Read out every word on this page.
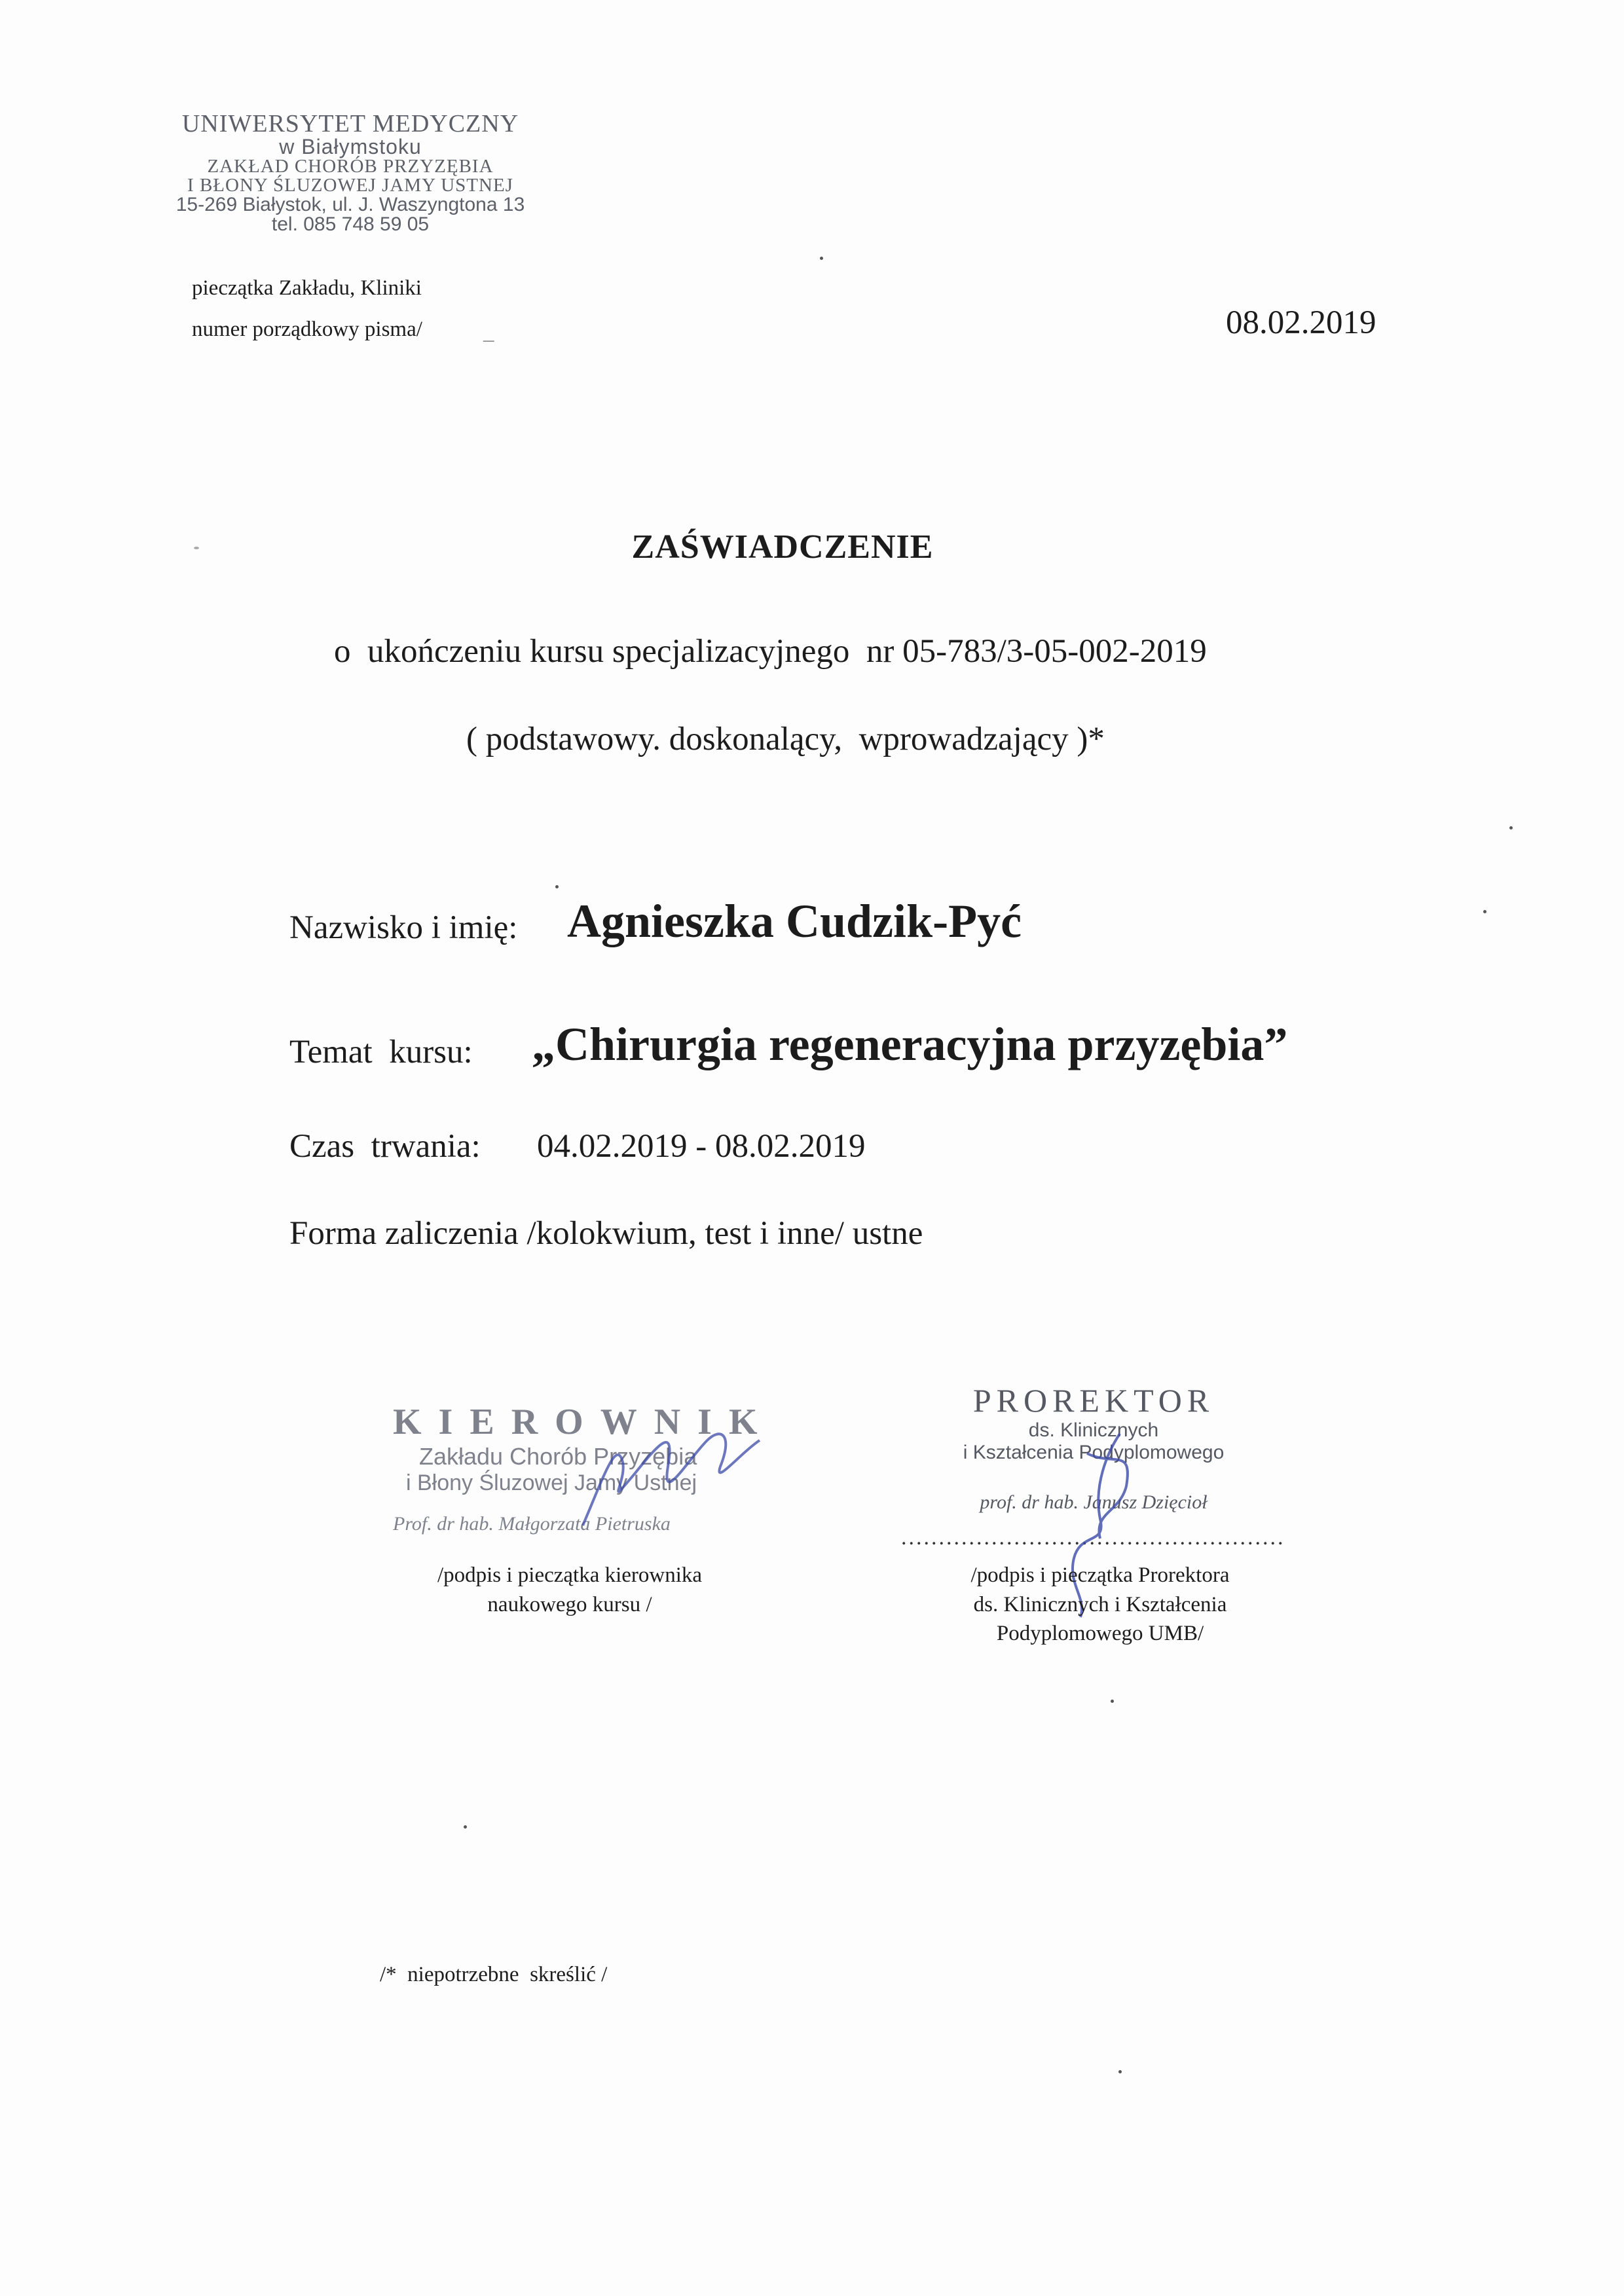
UNIWERSYTET MEDYCZNY
w Białymstoku
ZAKŁAD CHORÓB PRZYZĘBIA
I BŁONY ŚLUZOWEJ JAMY USTNEJ
15-269 Białystok, ul. J. Waszyngtona 13
tel. 085 748 59 05
pieczątka Zakładu, Kliniki
numer porządkowy pisma/	_	08.02.2019
ZAŚWIADCZENIE
o  ukończeniu kursu specjalizacyjnego  nr 05-783/3-05-002-2019
( podstawowy. doskonalący,  wprowadzający )*
Nazwisko i imię: Agnieszka Cudzik-Pyć
Temat  kursu: „Chirurgia regeneracyjna przyzębia”
Czas  trwania: 04.02.2019 - 08.02.2019
Forma zaliczenia /kolokwium, test i inne/ ustne
KIEROWNIK
Zakładu Chorób Przyzębia
i Błony Śluzowej Jamy Ustnej
Prof. dr hab. Małgorzata Pietruska
/podpis i pieczątka kierownika
naukowego kursu /
PROREKTOR
ds. Klinicznych
i Kształcenia Podyplomowego
prof. dr hab. Janusz Dzięcioł
...................................................
/podpis i pieczątka Prorektora
ds. Klinicznych i Kształcenia
Podyplomowego UMB/
/*  niepotrzebne  skreślić /
